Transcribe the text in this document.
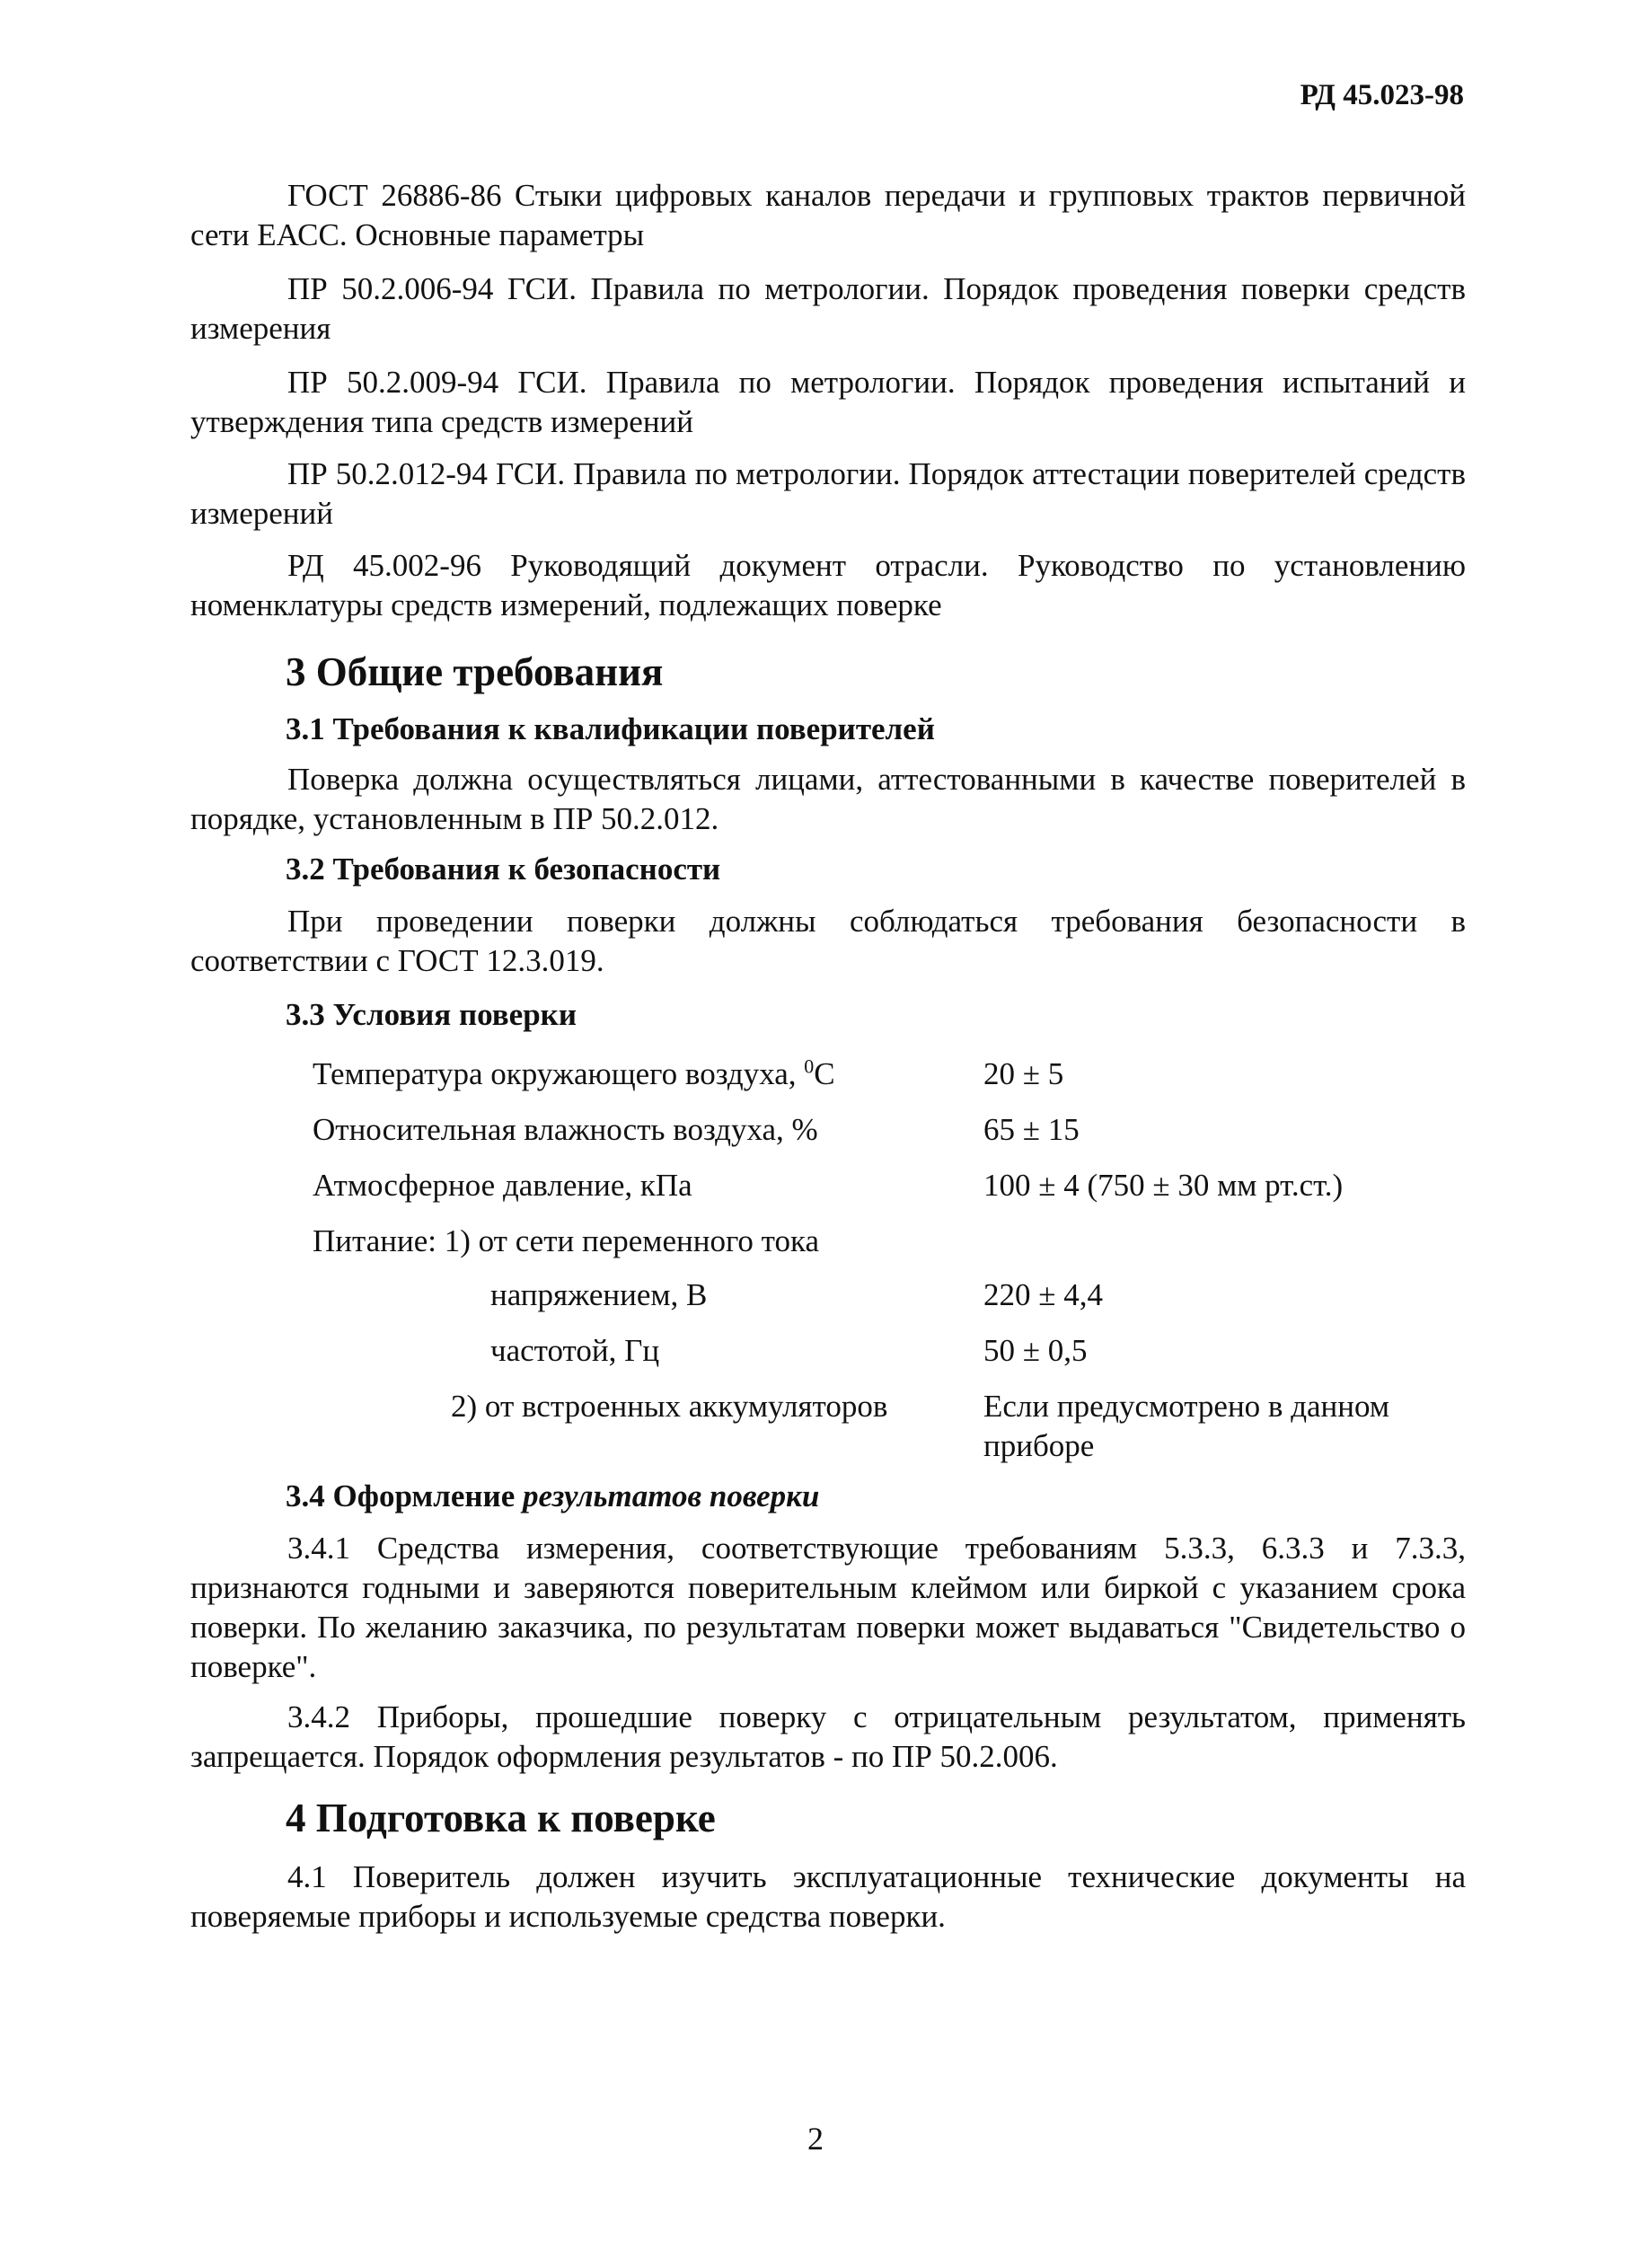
РД 45.023-98
ГОСТ 26886-86 Стыки цифровых каналов передачи и групповых трактов первичной сети ЕАСС. Основные параметры
ПР 50.2.006-94 ГСИ. Правила по метрологии. Порядок проведения поверки средств измерения
ПР 50.2.009-94 ГСИ. Правила по метрологии. Порядок проведения испытаний и утверждения типа средств измерений
ПР 50.2.012-94 ГСИ. Правила по метрологии. Порядок аттестации поверителей средств измерений
РД 45.002-96 Руководящий документ отрасли. Руководство по установлению номенклатуры средств измерений, подлежащих поверке
3 Общие требования
3.1 Требования к квалификации поверителей
Поверка должна осуществляться лицами, аттестованными в качестве поверителей в порядке, установленным в ПР 50.2.012.
3.2 Требования к безопасности
При проведении поверки должны соблюдаться требования безопасности в соответствии с ГОСТ 12.3.019.
3.3 Условия поверки
Температура окружающего воздуха, $^0$С	20 ± 5
Относительная влажность воздуха, %	65 ± 15
Атмосферное давление, кПа	100 ± 4 (750 ± 30 мм рт.ст.)
Питание: 1) от сети переменного тока
напряжением, В	220 ± 4,4
частотой, Гц	50 ± 0,5
2) от встроенных аккумуляторов	Если предусмотрено в данном приборе
3.4 Оформление результатов поверки
3.4.1 Средства измерения, соответствующие требованиям 5.3.3, 6.3.3 и 7.3.3, признаются годными и заверяются поверительным клеймом или биркой с указанием срока поверки. По желанию заказчика, по результатам поверки может выдаваться "Свидетельство о поверке".
3.4.2 Приборы, прошедшие поверку с отрицательным результатом, применять запрещается. Порядок оформления результатов - по ПР 50.2.006.
4 Подготовка к поверке
4.1 Поверитель должен изучить эксплуатационные технические документы на поверяемые приборы и используемые средства поверки.
2
